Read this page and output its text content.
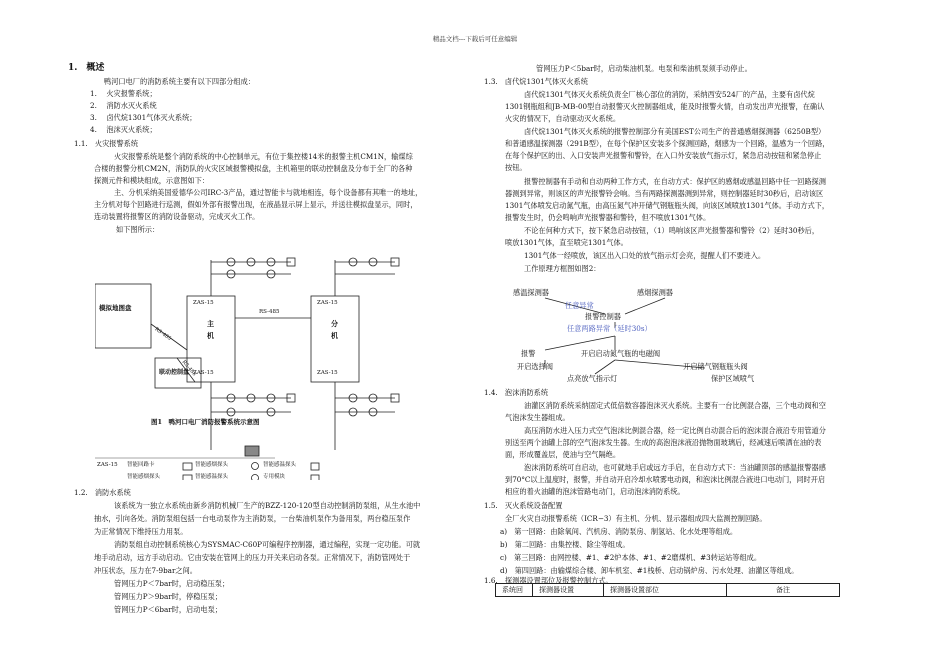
精品文档---下载后可任意编辑
1.　概述
鸭河口电厂的消防系统主要有以下四部分组成：
1.　 火灾报警系统；
2.　 消防水灭火系统
3.　 卤代烷1301气体灭火系统；
4.　 泡沫灭火系统；
1.1.　火灾报警系统
火灾报警系统是整个消防系统的中心控制单元，有位于集控楼14米的报警主机CM1N，输煤综
合楼的报警分机CM2N，消防队的火灾区域报警模拟盘，主机箱里的联动控制盘及分布于全厂的各种
探测元件和模块组成，示意图如下：
主、分机采纳美国爱德华公司IRC-3产品，通过智能卡与就地相连，每个设备都有其唯一的地址，
主分机对每个回路进行巡测，假如外部有报警出现，在液晶显示屏上显示，并送往模拟盘显示，同时，
连动装置将报警区的消防设备驱动，完成灭火工作。
如下图所示：
模拟地图盘
ZAS-15
主
机
ZAS-15
ZAS-15
分
机
ZAS-15
RS-485
RS-485
RS-485
联动控制盘
图1　鸭河口电厂消防报警系统示意图
ZAS-15 智能回路卡	智能感烟探头	智能感温探头
智能感烟探头	智能感温探头	专用模块
1.2.　消防水系统
该系统为一独立水系统由新乡消防机械厂生产的BZZ-120-120型自动控制消防泵组，从生水池中
抽水，引向各处。消防泵组包括一台电动泵作为主消防泵，一台柴油机泵作为备用泵，两台稳压泵作
为正常情况下维持压力用泵。
消防泵组自动控制系统核心为SYSMAC-C60P可编程序控制器，通过编程，实现一定功能。可就
地手动启动，远方手动启动。它由安装在管网上的压力开关来启动各泵。正常情况下，消防管网处于
冲压状态，压力在7-9bar之间。
管网压力P＜7bar时，启动稳压泵；
管网压力P＞9bar时，停稳压泵；
管网压力P＜6bar时，启动电泵；
管网压力P＜5bar时，启动柴油机泵。电泵和柴油机泵须手动停止。
1.3.　卤代烷1301气体灭火系统
卤代烷1301气体灭火系统负责全厂核心部位的消防，采纳西安524厂的产品，主要有卤代烷
1301钢瓶组和JB-MB-00型自动报警灭火控制器组成，能及时报警火情，自动发出声光报警，在确认
火灾的情况下，自动驱动灭火系统。
卤代烷1301气体灭火系统的报警控制部分有美国EST公司生产的普通感烟探测器（6250B型）
和普通感温探测器（291B型），在每个保护区安装多个探测回路，烟感为一个回路，温感为一个回路，
在每个保护区的出、入口安装声光报警和警铃，在入口外安装放气指示灯，紧急启动按钮和紧急停止
按钮。
报警控制器有手动和自动两种工作方式，在自动方式：保护区的感烟或感温回路中任一回路探测
器测到异常，则该区的声光报警铃会响。当有两路探测器测到异常，则控制器延时30秒后，启动该区
1301气体喷发启动氮气瓶，由高压氮气冲开储气钢瓶瓶头阀，向该区域喷放1301气体。手动方式下，
报警发生时，仍会鸣响声光报警器和警铃，但不喷放1301气体。
不论在何种方式下，按下紧急启动按钮，（1）鸣响该区声光报警器和警铃（2）延时30秒后，
喷放1301气体，直至喷完1301气体。
1301气体一经喷放，该区出入口处的放气指示灯会亮，提醒人们不要进入。
工作原理方框图如图2：
感温探测器	感烟探测器
任意异常
报警控制器
任意两路异常（延时30s）
报警	开启启动氮气瓶的电磁阀
开启储气钢瓶瓶头阀
开启选择阀
点亮放气指示灯	保护区域喷气
1.4.　泡沫消防系统
油灌区消防系统采纳固定式低倍数容器泡沫灭火系统。主要有一台比例混合器，三个电动阀和空
气泡沫发生器组成。
高压消防水进入压力式空气泡沫比例混合器，经一定比例自动混合后的泡沫混合液沿专用管道分
别送至两个油罐上部的空气泡沫发生器。生成的高泡泡沫液沿抛物面玻璃后，经减速后喷洒在油的表
面，形成覆盖层，使油与空气隔绝。
泡沫消防系统可自启动，也可就地手启或远方手启，在自动方式下：当油罐顶部的感温报警器感
到70°C以上温度时，报警，并自动开启冷却水喷雾电动阀，和泡沫比例混合液进口电动门，同时开启
相应的着火油罐的泡沫管路电动门，启动泡沫消防系统。
1.5.　灭火系统设备配置
全厂火灾自动报警系统（ICR−3）有主机、分机、显示器组成四大监测控制回路。
a)　第一回路：由除氧间、汽机房、消防泵房、制氢站、化水处理等组成。
b)　第二回路：由集控楼、除尘等组成。
c)　第三回路：由网控楼、#1、#2炉本体、#1、#2磨煤机、#3转运站等组成。
d)　第四回路：由输煤综合楼、卸车机室、#1栈桥、启动锅炉房、污水处理、油灌区等组成。
1.6.　探测器设置部位及报警控制方式。
系统回	探测器设置	探测器设置部位	备注
